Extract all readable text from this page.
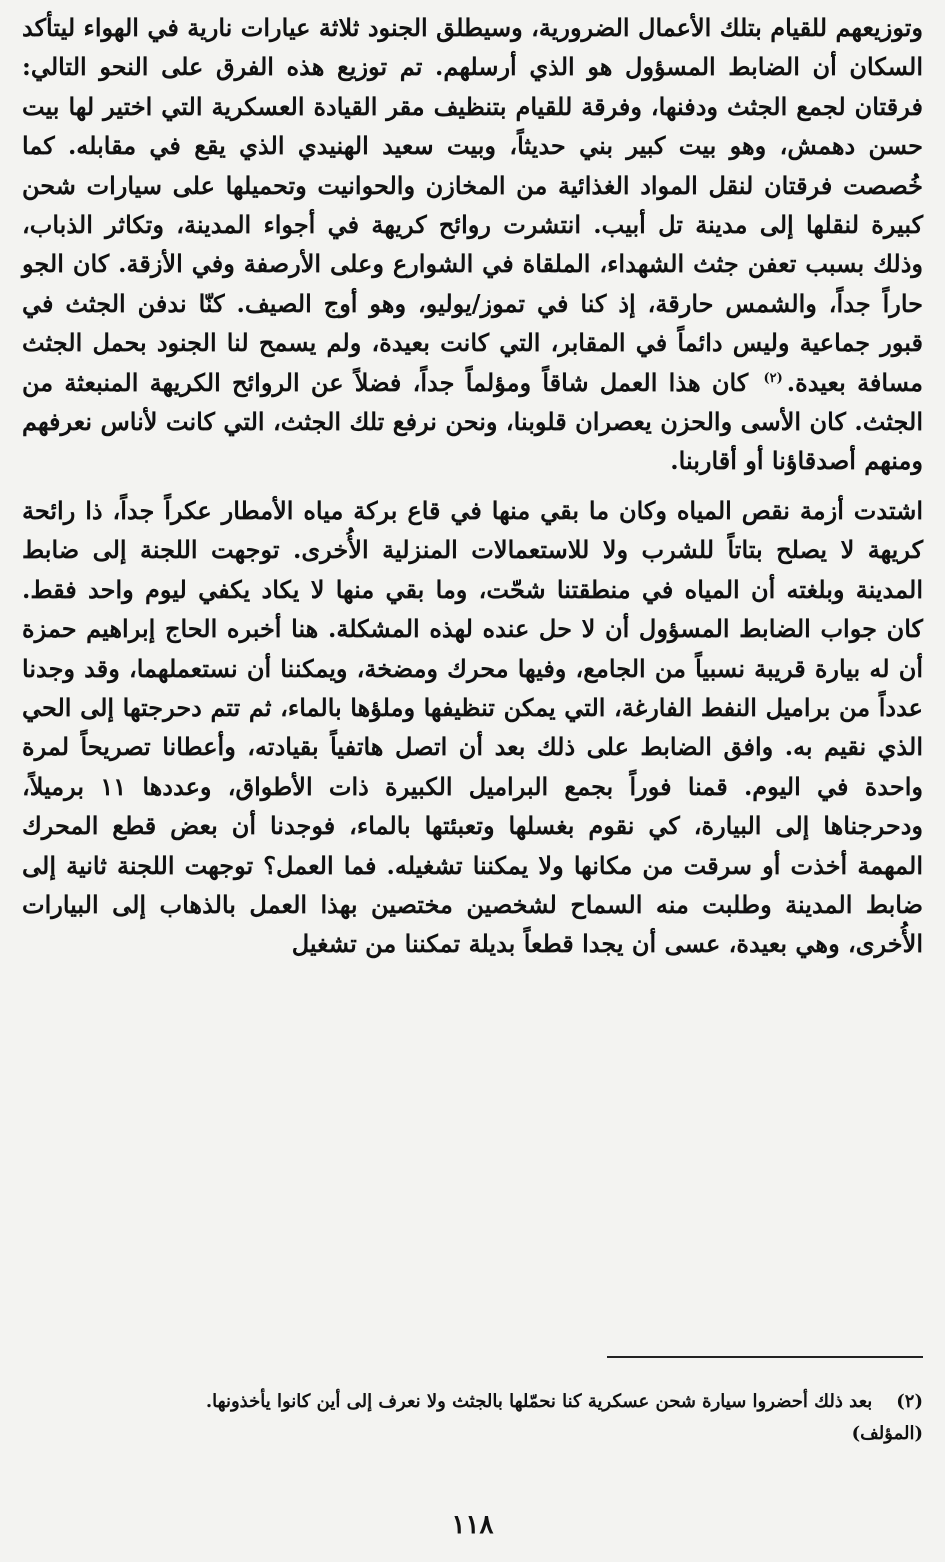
وتوزيعهم للقيام بتلك الأعمال الضرورية، وسيطلق الجنود ثلاثة عيارات نارية في الهواء ليتأكد السكان أن الضابط المسؤول هو الذي أرسلهم. تم توزيع هذه الفرق على النحو التالي: فرقتان لجمع الجثث ودفنها، وفرقة للقيام بتنظيف مقر القيادة العسكرية التي اختير لها بيت حسن دهمش، وهو بيت كبير بني حديثاً، وبيت سعيد الهنيدي الذي يقع في مقابله. كما خُصصت فرقتان لنقل المواد الغذائية من المخازن والحوانيت وتحميلها على سيارات شحن كبيرة لنقلها إلى مدينة تل أبيب. انتشرت روائح كريهة في أجواء المدينة، وتكاثر الذباب، وذلك بسبب تعفن جثث الشهداء، الملقاة في الشوارع وعلى الأرصفة وفي الأزقة. كان الجو حاراً جداً، والشمس حارقة، إذ كنا في تموز/يوليو، وهو أوج الصيف. كنّا ندفن الجثث في قبور جماعية وليس دائماً في المقابر، التي كانت بعيدة، ولم يسمح لنا الجنود بحمل الجثث مسافة بعيدة.$^{(٢)}$ كان هذا العمل شاقاً ومؤلماً جداً، فضلاً عن الروائح الكريهة المنبعثة من الجثث. كان الأسى والحزن يعصران قلوبنا، ونحن نرفع تلك الجثث، التي كانت لأناس نعرفهم ومنهم أصدقاؤنا أو أقاربنا.

اشتدت أزمة نقص المياه وكان ما بقي منها في قاع بركة مياه الأمطار عكراً جداً، ذا رائحة كريهة لا يصلح بتاتاً للشرب ولا للاستعمالات المنزلية الأُخرى. توجهت اللجنة إلى ضابط المدينة وبلغته أن المياه في منطقتنا شحّت، وما بقي منها لا يكاد يكفي ليوم واحد فقط. كان جواب الضابط المسؤول أن لا حل عنده لهذه المشكلة. هنا أخبره الحاج إبراهيم حمزة أن له بيارة قريبة نسبياً من الجامع، وفيها محرك ومضخة، ويمكننا أن نستعملهما، وقد وجدنا عدداً من براميل النفط الفارغة، التي يمكن تنظيفها وملؤها بالماء، ثم تتم دحرجتها إلى الحي الذي نقيم به. وافق الضابط على ذلك بعد أن اتصل هاتفياً بقيادته، وأعطانا تصريحاً لمرة واحدة في اليوم. قمنا فوراً بجمع البراميل الكبيرة ذات الأطواق، وعددها ١١ برميلاً، ودحرجناها إلى البيارة، كي نقوم بغسلها وتعبئتها بالماء، فوجدنا أن بعض قطع المحرك المهمة أخذت أو سرقت من مكانها ولا يمكننا تشغيله. فما العمل؟ توجهت اللجنة ثانية إلى ضابط المدينة وطلبت منه السماح لشخصين مختصين بهذا العمل بالذهاب إلى البيارات الأُخرى، وهي بعيدة، عسى أن يجدا قطعاً بديلة تمكننا من تشغيل

(٢)بعد ذلك أحضروا سيارة شحن عسكرية كنا نحمّلها بالجثث ولا نعرف إلى أين كانوا يأخذونها.
(المؤلف)
١١٨
